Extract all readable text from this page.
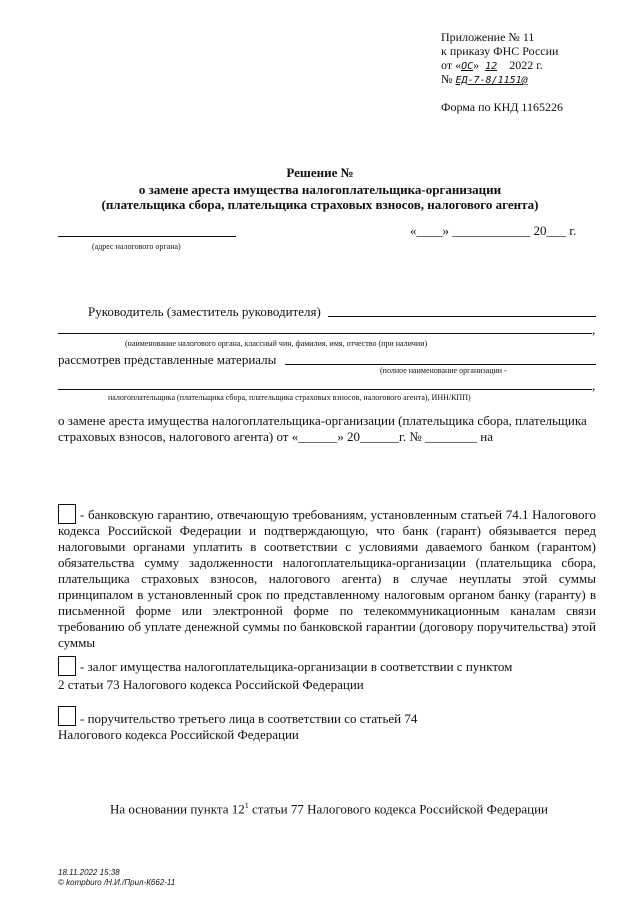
Приложение № 11
к приказу ФНС России
от «ОС» 12 2022 г.
№ ЕД-7-8/1151@
Форма по КНД 1165226
Решение №
о замене ареста имущества налогоплательщика-организации
(плательщика сбора, плательщика страховых взносов, налогового агента)
(адрес налогового органа)
«____» ____________ 20___ г.
Руководитель (заместитель руководителя)
,
(наименование налогового органа, классный чин, фамилия, имя, отчество (при наличии)
рассмотрев представленные материалы
(полное наименование организации -
,
налогоплательщика (плательщика сбора, плательщика страховых взносов, налогового агента), ИНН/КПП)
о замене ареста имущества налогоплательщика-организации (плательщика сбора, плательщика
страховых взносов, налогового агента) от «______» 20______г. № ________ на
- банковскую гарантию, отвечающую требованиям, установленным статьей 74.1 Налогового кодекса Российской Федерации и подтверждающую, что банк (гарант) обязывается перед налоговыми органами уплатить в соответствии с условиями даваемого банком (гарантом) обязательства сумму задолженности налогоплательщика-организации (плательщика сбора, плательщика страховых взносов, налогового агента) в случае неуплаты этой суммы принципалом в установленный срок по представленному налоговым органом банку (гаранту) в письменной форме или электронной форме по телекоммуникационным каналам связи требованию об уплате денежной суммы по банковской гарантии (договору поручительства) этой суммы
- залог имущества налогоплательщика-организации в соответствии с пунктом
2 статьи 73 Налогового кодекса Российской Федерации
- поручительство третьего лица в соответствии со статьей 74
Налогового кодекса Российской Федерации
На основании пункта $12^1$ статьи 77 Налогового кодекса Российской Федерации
18.11.2022 15:38
© kompburo /Н.И./Прил-К662-11
